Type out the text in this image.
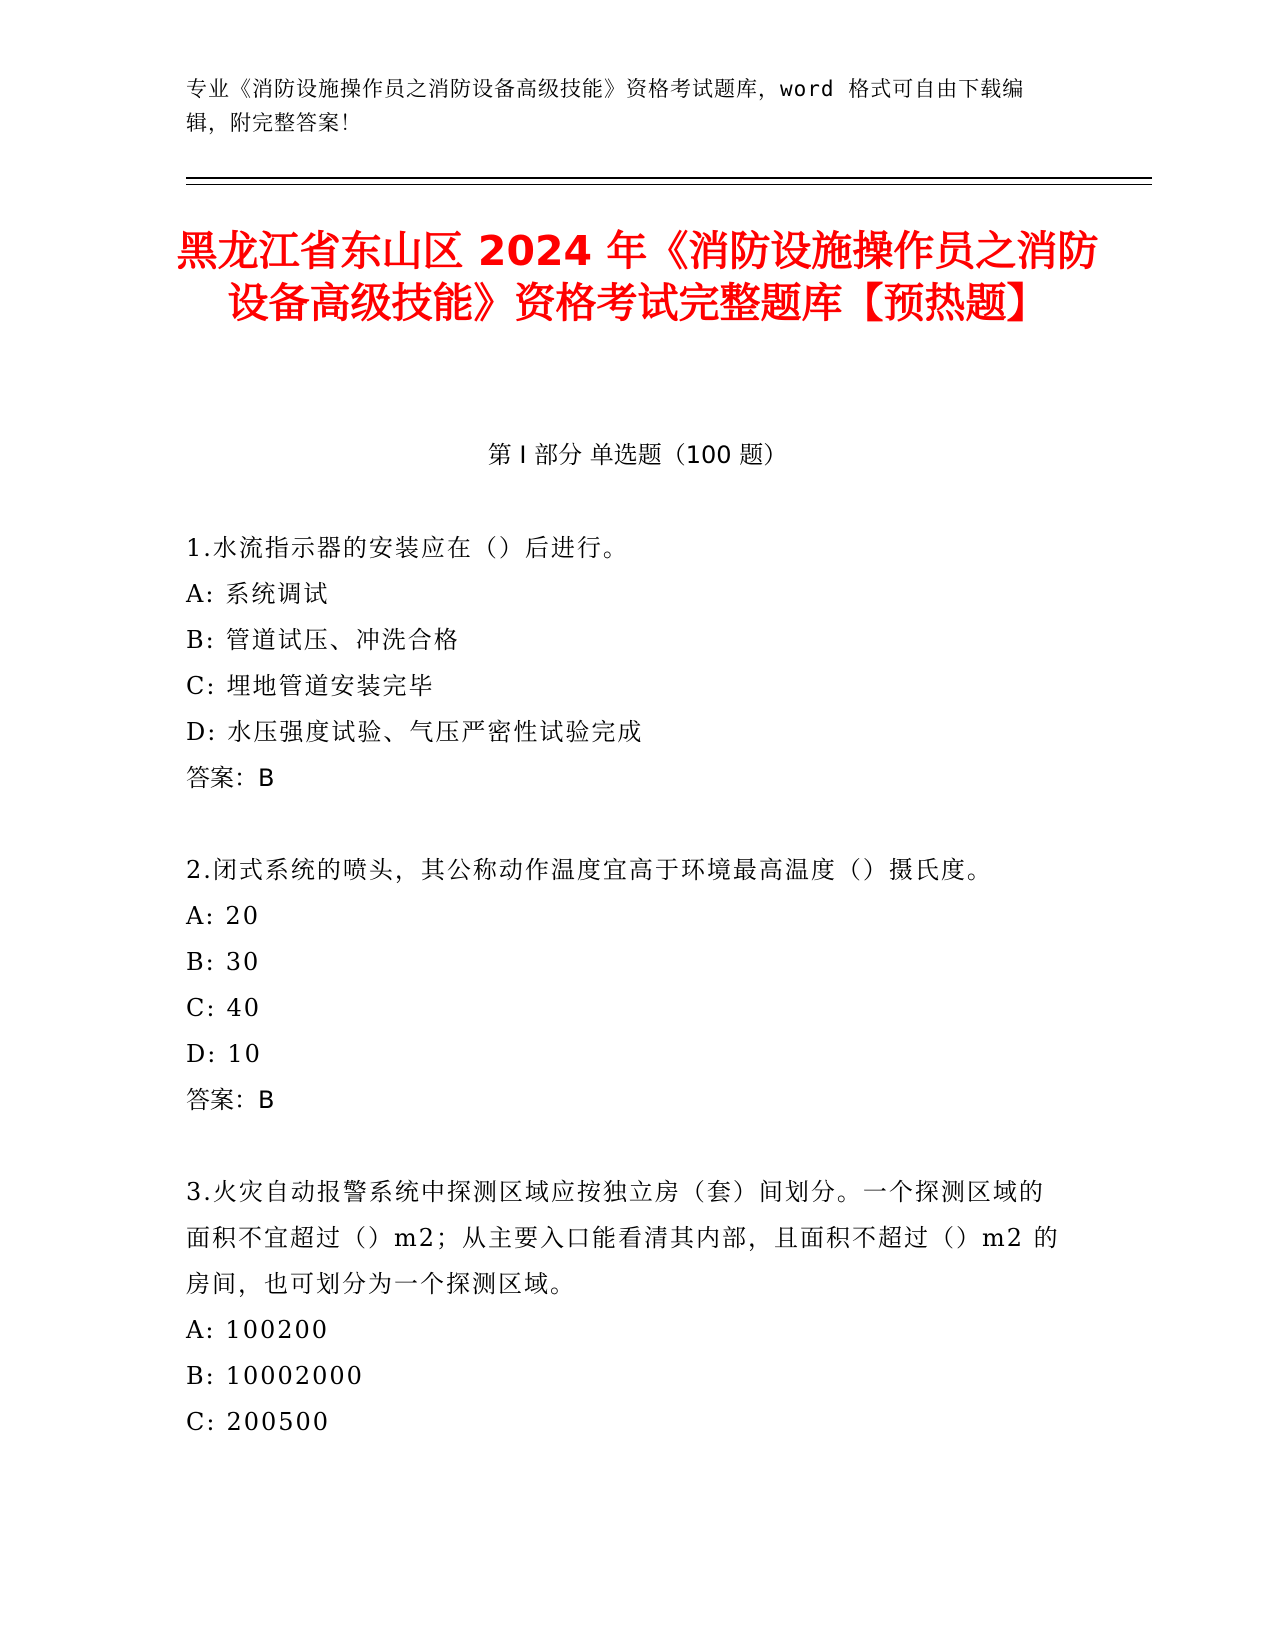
专业《消防设施操作员之消防设备高级技能》资格考试题库，word 格式可自由下载编辑，附完整答案！
黑龙江省东山区 2024 年《消防设施操作员之消防设备高级技能》资格考试完整题库【预热题】
第 I 部分 单选题（100 题）
1.水流指示器的安装应在（）后进行。
A: 系统调试
B: 管道试压、冲洗合格
C: 埋地管道安装完毕
D: 水压强度试验、气压严密性试验完成
答案：B
2.闭式系统的喷头，其公称动作温度宜高于环境最高温度（）摄氏度。
A: 20
B: 30
C: 40
D: 10
答案：B
3.火灾自动报警系统中探测区域应按独立房（套）间划分。一个探测区域的面积不宜超过（）m2；从主要入口能看清其内部，且面积不超过（）m2 的房间，也可划分为一个探测区域。
A: 100200
B: 10002000
C: 200500
